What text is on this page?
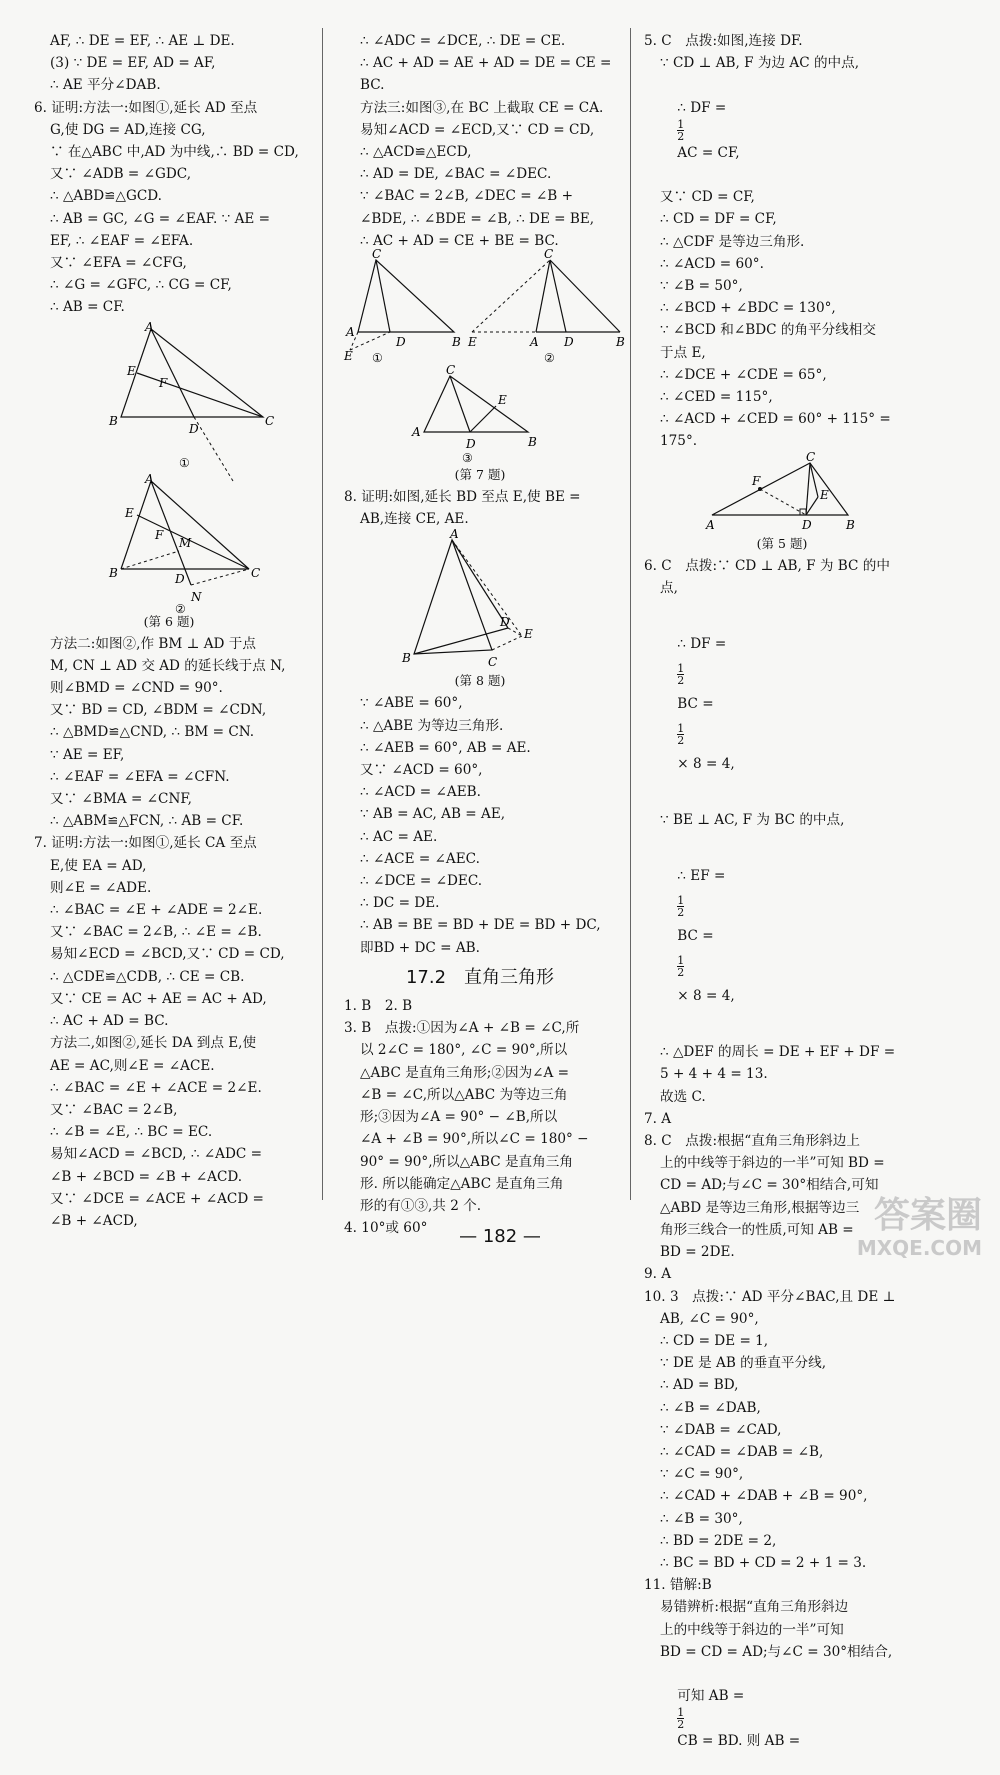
AF, ∴ DE = EF, ∴ AE ⊥ DE.

(3) ∵ DE = EF, AD = AF,

∴ AE 平分∠DAB.

6. 证明:方法一:如图①,延长 AD 至点

G,使 DG = AD,连接 CG,

∵ 在△ABC 中,AD 为中线,∴ BD = CD,

又∵ ∠ADB = ∠GDC,

∴ △ABD≌△GCD.

∴ AB = GC, ∠G = ∠EAF. ∵ AE =

EF, ∴ ∠EAF = ∠EFA.

又∵ ∠EFA = ∠CFG,

∴ ∠G = ∠GFC, ∴ CG = CF,

∴ AB = CF.

A
E
F
B
D
C
①
A
E
F
M
B	D	C
N
②

(第 6 题)

方法二:如图②,作 BM ⊥ AD 于点

M, CN ⊥ AD 交 AD 的延长线于点 N,

则∠BMD = ∠CND = 90°.

又∵ BD = CD, ∠BDM = ∠CDN,

∴ △BMD≌△CND, ∴ BM = CN.

∵ AE = EF,

∴ ∠EAF = ∠EFA = ∠CFN.

又∵ ∠BMA = ∠CNF,

∴ △ABM≌△FCN, ∴ AB = CF.

7. 证明:方法一:如图①,延长 CA 至点

E,使 EA = AD,

则∠E = ∠ADE.

∴ ∠BAC = ∠E + ∠ADE = 2∠E.

又∵ ∠BAC = 2∠B, ∴ ∠E = ∠B.

易知∠ECD = ∠BCD,又∵ CD = CD,

∴ △CDE≌△CDB, ∴ CE = CB.

又∵ CE = AC + AE = AC + AD,

∴ AC + AD = BC.

方法二,如图②,延长 DA 到点 E,使

AE = AC,则∠E = ∠ACE.

∴ ∠BAC = ∠E + ∠ACE = 2∠E.

又∵ ∠BAC = 2∠B,

∴ ∠B = ∠E, ∴ BC = EC.

易知∠ACD = ∠BCD, ∴ ∠ADC =

∠B + ∠BCD = ∠B + ∠ACD.

又∵ ∠DCE = ∠ACE + ∠ACD =

∠B + ∠ACD,

∴ ∠ADC = ∠DCE, ∴ DE = CE.

∴ AC + AD = AE + AD = DE = CE =

BC.

方法三:如图③,在 BC 上截取 CE = CA.

易知∠ACD = ∠ECD,又∵ CD = CD,

∴ △ACD≌△ECD,

∴ AD = DE, ∠BAC = ∠DEC.

∵ ∠BAC = 2∠B, ∠DEC = ∠B +

∠BDE, ∴ ∠BDE = ∠B, ∴ DE = BE,

∴ AC + AD = CE + BE = BC.

C
A
D	B
E ①
C
E	A D	B
②
C
E
A
D	B
③

(第 7 题)

8. 证明:如图,延长 BD 至点 E,使 BE =

AB,连接 CE, AE.

A
D
E
B	C

(第 8 题)

∵ ∠ABE = 60°,

∴ △ABE 为等边三角形.

∴ ∠AEB = 60°, AB = AE.

又∵ ∠ACD = 60°,

∴ ∠ACD = ∠AEB.

∵ AB = AC, AB = AE,

∴ AC = AE.

∴ ∠ACE = ∠AEC.

∴ ∠DCE = ∠DEC.

∴ DC = DE.

∴ AB = BE = BD + DE = BD + DC,

即BD + DC = AB.

17.2　直角三角形

1. B　2. B

3. B　点拨:①因为∠A + ∠B = ∠C,所

以 2∠C = 180°, ∠C = 90°,所以

△ABC 是直角三角形;②因为∠A =

∠B = ∠C,所以△ABC 为等边三角

形;③因为∠A = 90° − ∠B,所以

∠A + ∠B = 90°,所以∠C = 180° −

90° = 90°,所以△ABC 是直角三角

形. 所以能确定△ABC 是直角三角

形的有①③,共 2 个.

4. 10°或 60°

5. C　点拨:如图,连接 DF.

∵ CD ⊥ AB, F 为边 AC 的中点,

∴ DF =

$\frac{1}{2}$

AC = CF,

又∵ CD = CF,

∴ CD = DF = CF,

∴ △CDF 是等边三角形.

∴ ∠ACD = 60°.

∵ ∠B = 50°,

∴ ∠BCD + ∠BDC = 130°,

∵ ∠BCD 和∠BDC 的角平分线相交

于点 E,

∴ ∠DCE + ∠CDE = 65°,

∴ ∠CED = 115°,

∴ ∠ACD + ∠CED = 60° + 115° =

175°.

C
F
E
A	D	B

(第 5 题)

6. C　点拨:∵ CD ⊥ AB, F 为 BC 的中

点,

∴ DF =

$\frac{1}{2}$

BC =

$\frac{1}{2}$

× 8 = 4,

∵ BE ⊥ AC, F 为 BC 的中点,

∴ EF =

$\frac{1}{2}$

BC =

$\frac{1}{2}$

× 8 = 4,

∴ △DEF 的周长 = DE + EF + DF =

5 + 4 + 4 = 13.

故选 C.

7. A

8. C　点拨:根据“直角三角形斜边上

上的中线等于斜边的一半”可知 BD =

CD = AD;与∠C = 30°相结合,可知

△ABD 是等边三角形,根据等边三

角形三线合一的性质,可知 AB =

BD = 2DE.

9. A

10. 3　点拨:∵ AD 平分∠BAC,且 DE ⊥

AB, ∠C = 90°,

∴ CD = DE = 1,

∵ DE 是 AB 的垂直平分线,

∴ AD = BD,

∴ ∠B = ∠DAB,

∵ ∠DAB = ∠CAD,

∴ ∠CAD = ∠DAB = ∠B,

∵ ∠C = 90°,

∴ ∠CAD + ∠DAB + ∠B = 90°,

∴ ∠B = 30°,

∴ BD = 2DE = 2,

∴ BC = BD + CD = 2 + 1 = 3.

11. 错解:B

易错辨析:根据“直角三角形斜边

上的中线等于斜边的一半”可知

BD = CD = AD;与∠C = 30°相结合,

可知 AB =

$\frac{1}{2}$

CB = BD. 则 AB =

— 182 —
答案圈
MXQE.COM
